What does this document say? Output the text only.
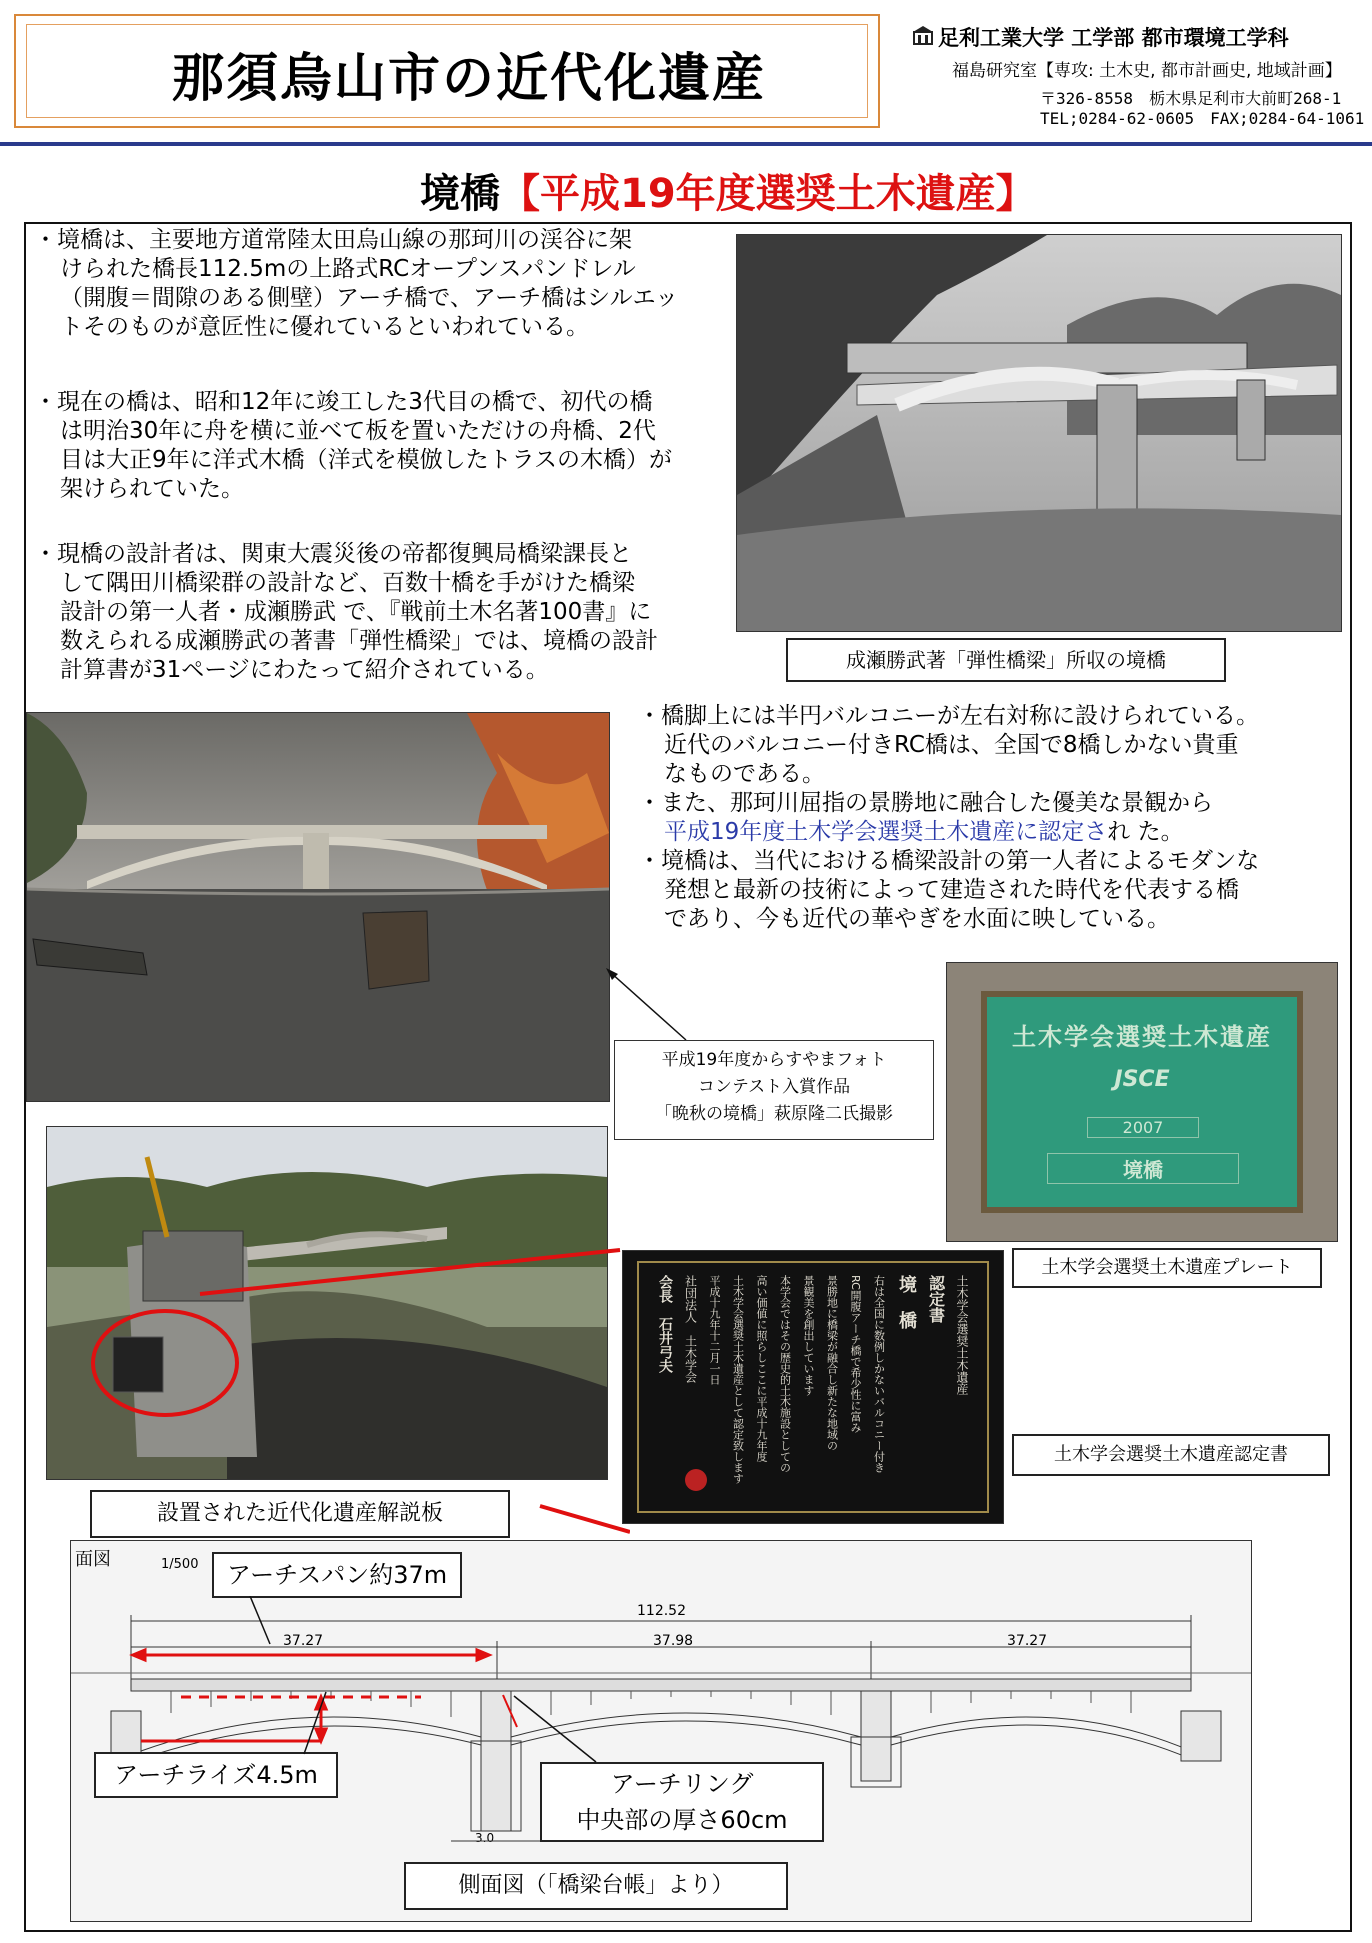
那須烏山市の近代化遺産
足利工業大学 工学部 都市環境工学科
福島研究室【専攻: 土木史, 都市計画史, 地域計画】
〒326-8558　栃木県足利市大前町268-1
TEL;0284-62-0605　FAX;0284-64-1061
境橋【平成19年度選奨土木遺産】
・境橋は、主要地方道常陸太田烏山線の那珂川の渓谷に架
けられた橋長112.5mの上路式RCオープンスパンドレル
（開腹＝間隙のある側壁）アーチ橋で、アーチ橋はシルエッ
トそのものが意匠性に優れているといわれている。
・現在の橋は、昭和12年に竣工した3代目の橋で、初代の橋
は明治30年に舟を横に並べて板を置いただけの舟橋、2代
目は大正9年に洋式木橋（洋式を模倣したトラスの木橋）が
架けられていた。
・現橋の設計者は、関東大震災後の帝都復興局橋梁課長と
して隅田川橋梁群の設計など、百数十橋を手がけた橋梁
設計の第一人者・成瀬勝武 で、『戦前土木名著100書』に
数えられる成瀬勝武の著書「弾性橋梁」では、境橋の設計
計算書が31ページにわたって紹介されている。	成瀬勝武著「弾性橋梁」所収の境橋
・橋脚上には半円バルコニーが左右対称に設けられている。
近代のバルコニー付きRC橋は、全国で8橋しかない貴重
なものである。
・また、那珂川屈指の景勝地に融合した優美な景観から
平成19年度土木学会選奨土木遺産に認定され た。
・境橋は、当代における橋梁設計の第一人者によるモダンな
発想と最新の技術によって建造された時代を代表する橋
であり、今も近代の華やぎを水面に映している。
平成19年度からすやまフォト
コンテスト入賞作品
「晩秋の境橋」萩原隆二氏撮影
土木学会選奨土木遺産
JSCE
2007
境橋
土木学会選奨土木遺産プレート
土木学会選奨土木遺産
認定書
境　橋
右は全国に数例しかないバルコニー付き
RC開腹アーチ橋で希少性に富み
景勝地に橋梁が融合し新たな地域の
景観美を創出しています
本学会ではその歴史的土木施設としての
高い価値に照らしここに平成十九年度
土木学会選奨土木遺産として認定致します
平成十九年十二月一日
社団法人　土木学会
会長　石井弓夫
土木学会選奨土木遺産認定書
設置された近代化遺産解説板
面図	1/500
112.52
37.27	37.98	37.27
3.0
アーチスパン約37m
アーチライズ4.5m	アーチリング
中央部の厚さ60cm
側面図（「橋梁台帳」より）
